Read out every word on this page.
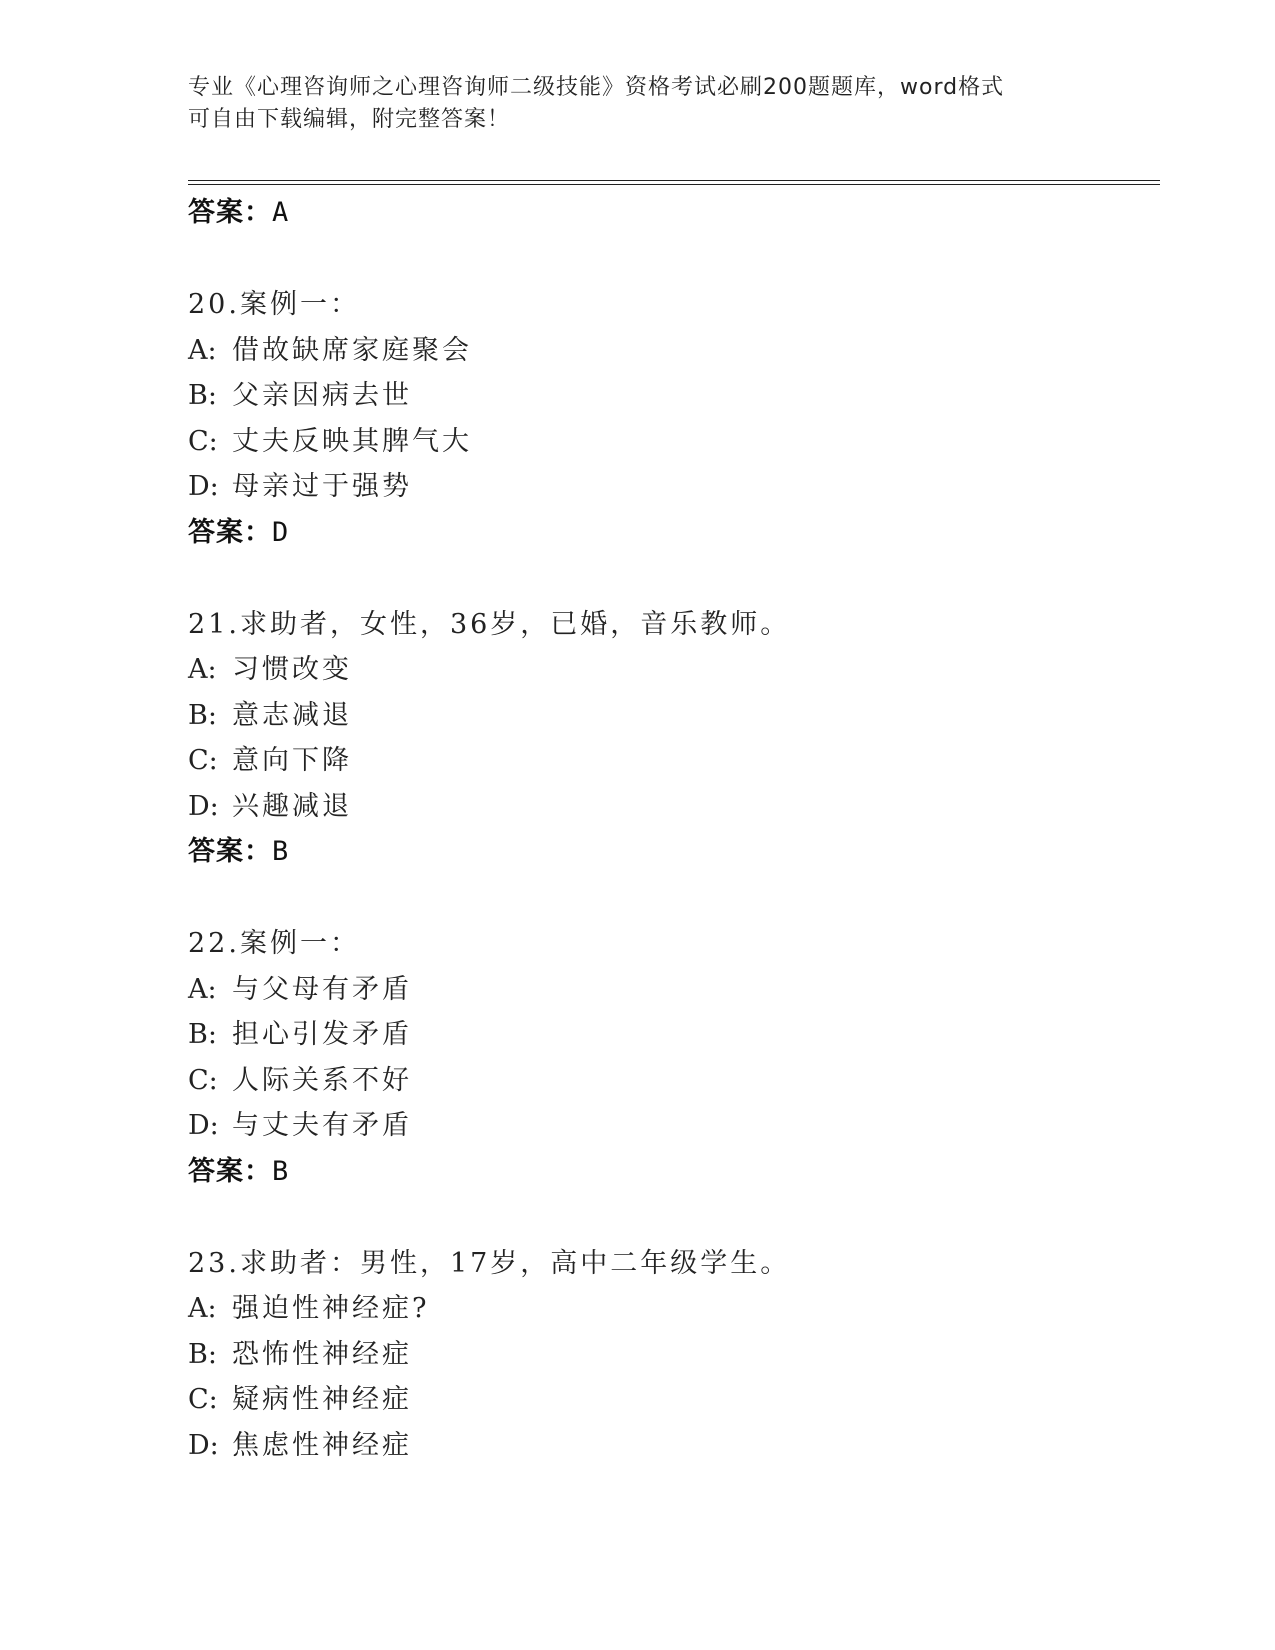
专业《心理咨询师之心理咨询师二级技能》资格考试必刷200题题库，word格式
可自由下载编辑，附完整答案！
答案：A
20.案例一：
A: 借故缺席家庭聚会
B: 父亲因病去世
C: 丈夫反映其脾气大
D: 母亲过于强势
答案：D
21.求助者，女性，36岁，已婚，音乐教师。
A: 习惯改变
B: 意志减退
C: 意向下降
D: 兴趣减退
答案：B
22.案例一：
A: 与父母有矛盾
B: 担心引发矛盾
C: 人际关系不好
D: 与丈夫有矛盾
答案：B
23.求助者：男性，17岁，高中二年级学生。
A: 强迫性神经症?
B: 恐怖性神经症
C: 疑病性神经症
D: 焦虑性神经症
